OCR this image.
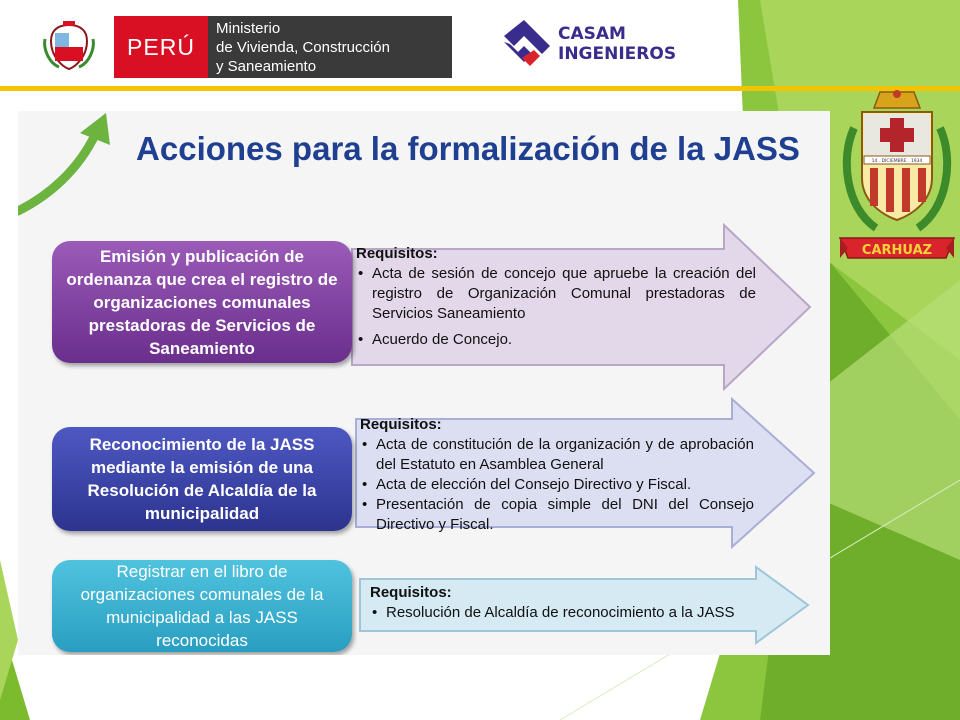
PERÚ
Ministerio
de Vivienda, Construcción
y Saneamiento
CASAM
INGENIEROS
Acciones para la formalización de la JASS
Emisión y publicación de ordenanza que crea el registro de organizaciones comunales prestadoras de Servicios de Saneamiento
Reconocimiento de la JASS mediante la emisión de una Resolución de Alcaldía de la municipalidad
Registrar en el libro de organizaciones comunales de la municipalidad a las JASS reconocidas
Requisitos:
• Acta de sesión de concejo que apruebe la creación del registro de Organización Comunal prestadoras de Servicios Saneamiento
• Acuerdo de Concejo.
Requisitos:
• Acta de constitución de la organización y de aprobación del Estatuto en Asamblea General
• Acta de elección del Consejo Directivo y Fiscal.
• Presentación de copia simple del DNI del Consejo Directivo y Fiscal.
Requisitos:
• Resolución de Alcaldía de reconocimiento a la JASS
CARHUAZ
14 . DICIEMBRE . 1934
